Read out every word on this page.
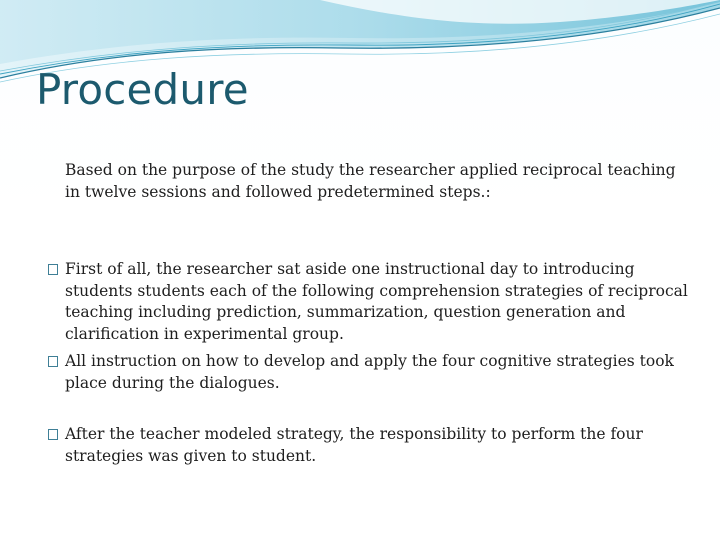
Procedure

Based on the purpose of the study the researcher applied reciprocal teaching in twelve sessions and followed predetermined steps.:

First of all, the researcher sat aside one instructional day to introducing students students each of the following comprehension strategies of reciprocal teaching including prediction, summarization, question generation and clarification in experimental group.
All instruction on how to develop and apply the four cognitive strategies took place during the dialogues.
After the teacher modeled strategy, the responsibility to perform the four strategies was given to student.
